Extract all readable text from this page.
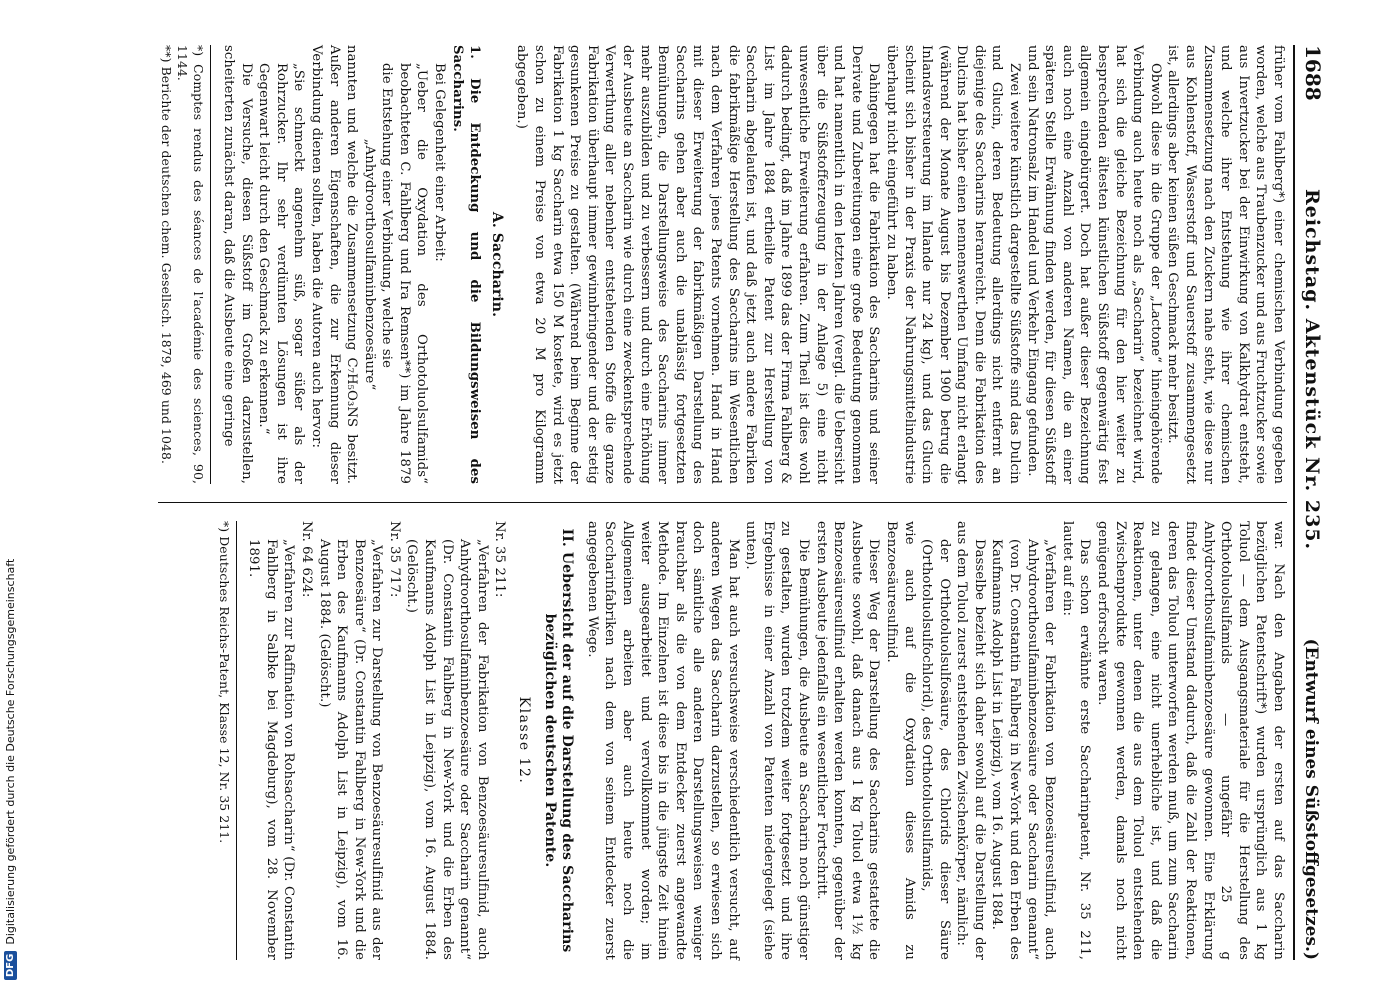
1688
Reichstag. Aktenstück Nr. 235.
(Entwurf eines Süßstoffgesetzes.)

früher vom Fahlberg*) einer chemischen Verbindung gegeben worden, welche aus Traubenzucker und aus Fruchtzucker sowie aus Invertzucker bei der Einwirkung von Kalkhydrat entsteht, und welche ihrer Entstehung wie ihrer chemischen Zusammensetzung nach den Zuckern nahe steht, wie diese nur aus Kohlenstoff, Wasserstoff und Sauerstoff zusammengesetzt ist, allerdings aber keinen süßen Geschmack mehr besitzt.

Obwohl diese in die Gruppe der „Lactone“ hineingehörende Verbindung auch heute noch als „Saccharin“ bezeichnet wird, hat sich die gleiche Bezeichnung für den hier weiter zu besprechenden ältesten künstlichen Süßstoff gegenwärtig fest allgemein eingebürgert. Doch hat außer dieser Bezeichnung auch noch eine Anzahl von anderen Namen, die an einer späteren Stelle Erwähnung finden werden, für diesen Süßstoff und sein Natronsalz im Handel und Verkehr Eingang gefunden.

Zwei weitere künstlich dargestellte Süßstoffe sind das Dulcin und Glucin, deren Bedeutung allerdings nicht entfernt an diejenige des Saccharins heranreicht. Denn die Fabrikation des Dulcins hat bisher einen nennenswerthen Umfang nicht erlangt (während der Monate August bis Dezember 1900 betrug die Inlandsversteuerung im Inlande nur 24 kg), und das Glucin scheint sich bisher in der Praxis der Nahrungsmittelindustrie überhaupt nicht eingeführt zu haben.

Dahingegen hat die Fabrikation des Saccharins und seiner Derivate und Zubereitungen eine große Bedeutung genommen und hat namentlich in den letzten Jahren (vergl. die Uebersicht über die Süßstofferzeugung in der Anlage 5) eine nicht unwesentliche Erweiterung erfahren. Zum Theil ist dies wohl dadurch bedingt, daß im Jahre 1899 das der Firma Fahlberg & List im Jahre 1884 ertheilte Patent zur Herstellung von Saccharin abgelaufen ist, und daß jetzt auch andere Fabriken die fabrikmäßige Herstellung des Saccharins im Wesentlichen nach dem Verfahren jenes Patents vornehmen. Hand in Hand mit dieser Erweiterung der fabrikmäßigen Darstellung des Saccharins gehen aber auch die unablässig fortgesetzten Bemühungen, die Darstellungsweise des Saccharins immer mehr auszubilden und zu verbessern und durch eine Erhöhung der Ausbeute an Saccharin wie durch eine zweckentsprechende Verwerthung aller nebenher entstehenden Stoffe die ganze Fabrikation überhaupt immer gewinnbringender und der stetig gesunkenen Preise zu gestalten. (Während beim Beginne der Fabrikation 1 kg Saccharin etwa 150 M kostete, wird es jetzt schon zu einem Preise von etwa 20 M pro Kilogramm abgegeben.)

A. Saccharin.

1. Die Entdeckung und die Bildungsweisen des Saccharins.

Bei Gelegenheit einer Arbeit:

„Ueber die Oxydation des Orthotoluolsulfamids“ beobachteten C. Fahlberg und Ira Remsen**) im Jahre 1879 die Entstehung einer Verbindung, welche sie

„Anhydroorthosulfaminbenzoesäure“

nannten und welche die Zusammensetzung C₇H₅O₃NS besitzt. Außer anderen Eigenschaften, die zur Erkennung dieser Verbindung dienen sollten, haben die Autoren auch hervor:

„Sie schmeckt angenehm süß, sogar süßer als der Rohrzucker. Ihr sehr verdünnten Lösungen ist ihre Gegenwart leicht durch den Geschmack zu erkennen.“

Die Versuche, diesen Süßstoff im Großen darzustellen, scheiterten zunächst daran, daß die Ausbeute eine geringe

*) Comptes rendus des séances de l'académie des sciences, 90, 1144.

**) Berichte der deutschen chem. Gesellsch. 1879, 469 und 1048.

war. Nach den Angaben der ersten auf das Saccharin bezüglichen Patentschrift*) wurden ursprünglich aus 1 kg Toluol — dem Ausgangsmateriale für die Herstellung des Orthotoluolsulfamids — ungefähr 25 g Anhydroorthosulfaminbenzoesäure gewonnen. Eine Erklärung findet dieser Umstand dadurch, daß die Zahl der Reaktionen, deren das Toluol unterworfen werden muß, um zum Saccharin zu gelangen, eine nicht unerhebliche ist, und daß die Reaktionen, unter denen die aus dem Toluol entstehenden Zwischenprodukte gewonnen werden, damals noch nicht genügend erforscht waren.

Das schon erwähnte erste Saccharinpatent, Nr. 35 211, lautet auf ein:

„Verfahren der Fabrikation von Benzoesäuresulfinid, auch Anhydroorthosulfaminbenzoesäure oder Saccharin genannt“ (von Dr. Constantin Fahlberg in New-York und den Erben des Kaufmanns Adolph List in Leipzig), vom 16. August 1884.

Dasselbe bezieht sich daher sowohl auf die Darstellung der aus dem Toluol zuerst entstehenden Zwischenkörper, nämlich:

der Orthotoluolsulfosäure, des Chlorids dieser Säure (Orthotoluolsulfochlorid), des Orthotoluolsulfamids,

wie auch auf die Oxydation dieses Amids zu Benzoesäuresulfinid.

Dieser Weg der Darstellung des Saccharins gestattete die Ausbeute sowohl, daß danach aus 1 kg Toluol etwa 1½ kg Benzoesäuresulfinid erhalten werden konnten, gegenüber der ersten Ausbeute jedenfalls ein wesentlicher Fortschritt.

Die Bemühungen, die Ausbeute an Saccharin noch günstiger zu gestalten, wurden trotzdem weiter fortgesetzt und ihre Ergebnisse in einer Anzahl von Patenten niedergelegt (siehe unten).

Man hat auch versuchsweise verschiedentlich versucht, auf anderen Wegen das Saccharin darzustellen, so erwiesen sich doch sämtliche alle anderen Darstellungsweisen weniger brauchbar als die von dem Entdecker zuerst angewandte Methode. Im Einzelnen ist diese bis in die jüngste Zeit hinein weiter ausgearbeitet und vervollkommnet worden; im Allgemeinen arbeiten aber auch heute noch die Saccharinfabriken nach dem von seinem Entdecker zuerst angegebenen Wege.

II. Uebersicht der auf die Darstellung des Saccharins bezüglichen deutschen Patente.
Klasse 12.

Nr. 35 211:

„Verfahren der Fabrikation von Benzoesäuresulfinid, auch Anhydroorthosulfaminbenzoesäure oder Saccharin genannt“ (Dr. Constantin Fahlberg in New-York und die Erben des Kaufmanns Adolph List in Leipzig), vom 16. August 1884. (Gelöscht.)

Nr. 35 717:

„Verfahren zur Darstellung von Benzoesäuresulfinid aus der Benzoesäure“ (Dr. Constantin Fahlberg in New-York und die Erben des Kaufmanns Adolph List in Leipzig), vom 16. August 1884. (Gelöscht.)

Nr. 64 624:

„Verfahren zur Raffination von Rohsaccharin“ (Dr. Constantin Fahlberg in Salbke bei Magdeburg), vom 28. November 1891.

*) Deutsches Reichs-Patent, Klasse 12, Nr. 35 211.

DFG
Digitalisierung gefördert durch die Deutsche Forschungsgemeinschaft
